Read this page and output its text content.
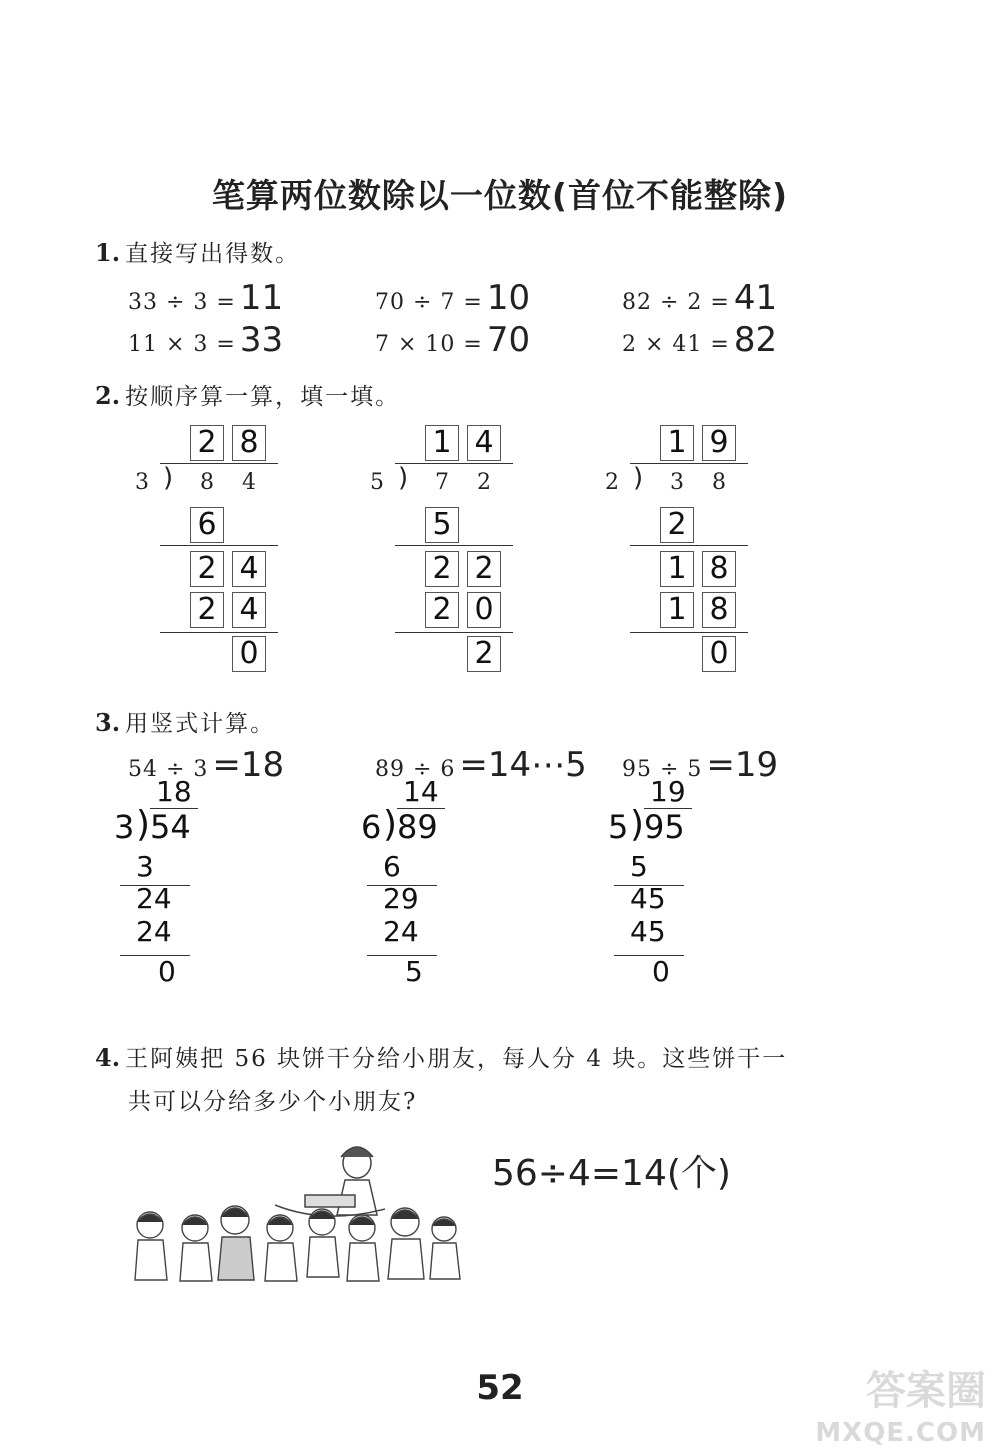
笔算两位数除以一位数(首位不能整除)
1. 直接写出得数。
33 ÷ 3 = 11	70 ÷ 7 = 10	82 ÷ 2 = 41
11 × 3 = 33	7 × 10 = 70	2 × 41 = 82
2. 按顺序算一算，填一填。
2 8
3 )	8	4
6
2 4
2 4
0
1 4
5 )	7	2
5
2 2
2 0
2
1 9
2 )	3	8
2
1 8
1 8
0
3. 用竖式计算。
54 ÷ 3 =18
18
3 ) 54
3
24
24
0
89 ÷ 6 =14⋯5
14
6 ) 89
6
29
24
5
95 ÷ 5 =19
19
5 ) 95
5
45
45
0
4. 王阿姨把 56 块饼干分给小朋友，每人分 4 块。这些饼干一
共可以分给多少个小朋友?
56÷4=14(个)
52	答案圈
MXQE.COM
